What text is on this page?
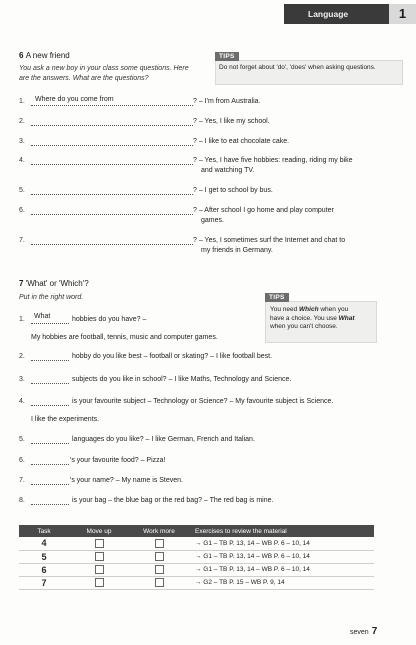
Language	1
6 A new friend
You ask a new boy in your class some questions. Here are the answers. What are the questions?
TIPS
Do not forget about 'do', 'does' when asking questions.
1. Where do you come from	? – I'm from Australia.
2.	? – Yes, I like my school.
3.	? – I like to eat chocolate cake.
4.	? – Yes, I have five hobbies: reading, riding my bike
and watching TV.
5.	? – I get to school by bus.
6.	? – After school I go home and play computer
games.
7.	? – Yes, I sometimes surf the Internet and chat to
my friends in Germany.
7 'What' or 'Which'?
Put in the right word.	TIPS
You need Which when you
have a choice. You use What
when you can't choose.
1. What	hobbies do you have? –
My hobbies are football, tennis, music and computer games.
2.	hobby do you like best – football or skating? – I like football best.
3.	subjects do you like in school? – I like Maths, Technology and Science.
4.	is your favourite subject – Technology or Science? – My favourite subject is Science.
I like the experiments.
5.	languages do you like? – I like German, French and Italian.
6.	's your favourite food? – Pizza!
7.	's your name? – My name is Steven.
8.	is your bag – the blue bag or the red bag? – The red bag is mine.
Task	Move up	Work more	Exercises to review the material
4			→ G1 – TB P. 13, 14 – WB P. 6 – 10, 14
5			→ G1 – TB P. 13, 14 – WB P. 6 – 10, 14
6			→ G1 – TB P. 13, 14 – WB P. 6 – 10, 14
7			→ G2 – TB P. 15 – WB P. 9, 14
seven 7
